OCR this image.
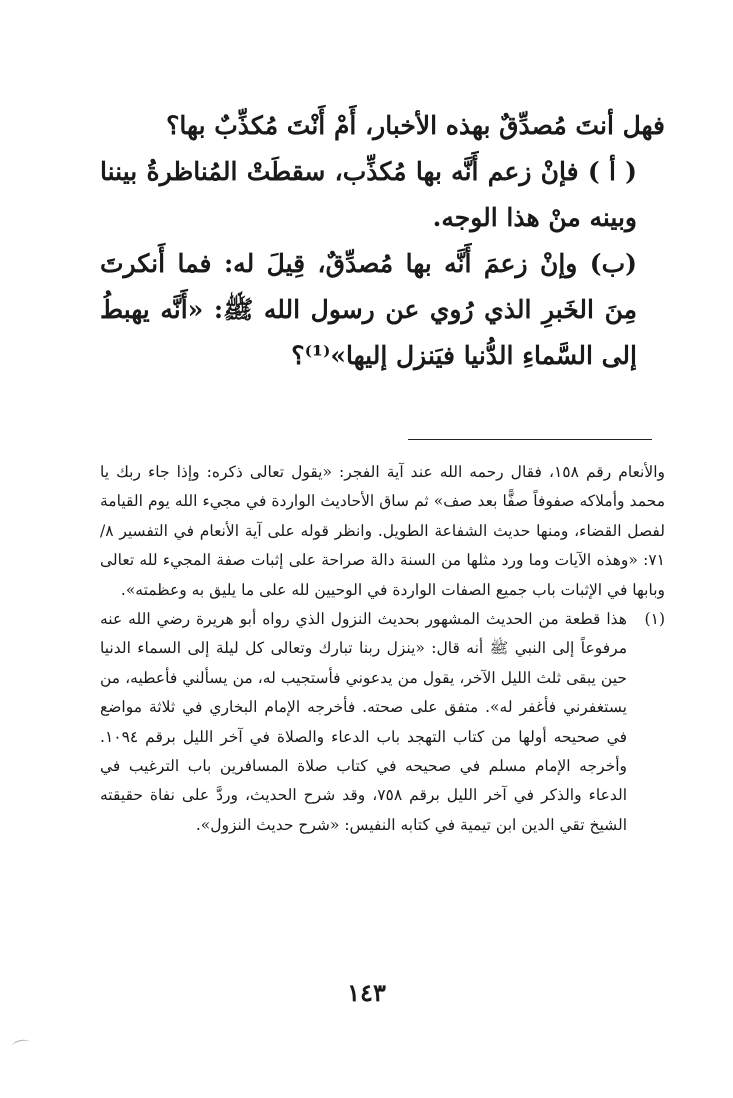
فهل أنتَ مُصدِّقٌ بهذه الأخبار، أَمْ أَنْتَ مُكذِّبٌ بها؟

( أ ) فإنْ زعم أَنَّه بها مُكذِّب، سقطَتْ المُناظرةُ بيننا وبينه منْ هذا الوجه.

(ب) وإنْ زعمَ أَنَّه بها مُصدِّقٌ، قِيلَ له: فما أَنكرتَ مِنَ الخَبرِ الذي رُوي عن رسول الله ﷺ: «أَنَّه يهبطُ إلى السَّماءِ الدُّنيا فيَنزل إليها»⁽¹⁾؟

والأنعام رقم ١٥٨، فقال رحمه الله عند آية الفجر: «يقول تعالى ذكره: وإذا جاء ربك يا محمد وأملاكه صفوفاً صفًّا بعد صف» ثم ساق الأحاديث الواردة في مجيء الله يوم القيامة لفصل القضاء، ومنها حديث الشفاعة الطويل. وانظر قوله على آية الأنعام في التفسير ٨/ ٧١: «وهذه الآيات وما ورد مثلها من السنة دالة صراحة على إثبات صفة المجيء لله تعالى وبابها في الإثبات باب جميع الصفات الواردة في الوحيين لله على ما يليق به وعظمته».

(١)
هذا قطعة من الحديث المشهور بحديث النزول الذي رواه أبو هريرة رضي الله عنه مرفوعاً إلى النبي ﷺ أنه قال: «ينزل ربنا تبارك وتعالى كل ليلة إلى السماء الدنيا حين يبقى ثلث الليل الآخر، يقول من يدعوني فأستجيب له، من يسألني فأعطيه، من يستغفرني فأغفر له». متفق على صحته. فأخرجه الإمام البخاري في ثلاثة مواضع في صحيحه أولها من كتاب التهجد باب الدعاء والصلاة في آخر الليل برقم ١٠٩٤. وأخرجه الإمام مسلم في صحيحه في كتاب صلاة المسافرين باب الترغيب في الدعاء والذكر في آخر الليل برقم ٧٥٨، وقد شرح الحديث، وردَّ على نفاة حقيقته الشيخ تقي الدين ابن تيمية في كتابه النفيس: «شرح حديث النزول».
١٤٣
